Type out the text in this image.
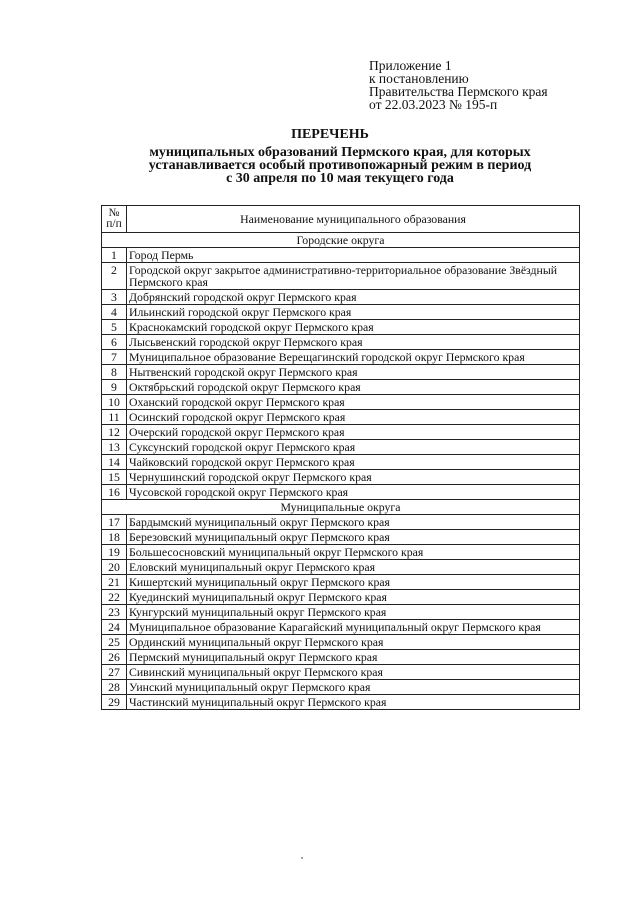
Приложение 1
к постановлению
Правительства Пермского края
от 22.03.2023 № 195-п
ПЕРЕЧЕНЬ
муниципальных образований Пермского края, для которых
устанавливается особый противопожарный режим в период
с 30 апреля по 10 мая текущего года
№
п/п	Наименование муниципального образования
Городские округа	
1	Город Пермь
2	Городской округ закрытое административно-территориальное образование Звёздный Пермского края
3	Добрянский городской округ Пермского края
4	Ильинский городской округ Пермского края
5	Краснокамский городской округ Пермского края
6	Лысьвенский городской округ Пермского края
7	Муниципальное образование Верещагинский городской округ Пермского края
8	Нытвенский городской округ Пермского края
9	Октябрьский городской округ Пермского края
10	Оханский городской округ Пермского края
11	Осинский городской округ Пермского края
12	Очерский городской округ Пермского края
13	Суксунский городской округ Пермского края
14	Чайковский городской округ Пермского края
15	Чернушинский городской округ Пермского края
16	Чусовской городской округ Пермского края
Муниципальные округа	
17	Бардымский муниципальный округ Пермского края
18	Березовский муниципальный округ Пермского края
19	Большесосновский муниципальный округ Пермского края
20	Еловский муниципальный округ Пермского края
21	Кишертский муниципальный округ Пермского края
22	Куединский муниципальный округ Пермского края
23	Кунгурский муниципальный округ Пермского края
24	Муниципальное образование Карагайский муниципальный округ Пермского края
25	Ординский муниципальный округ Пермского края
26	Пермский муниципальный округ Пермского края
27	Сивинский муниципальный округ Пермского края
28	Уинский муниципальный округ Пермского края
29	Частинский муниципальный округ Пермского края
